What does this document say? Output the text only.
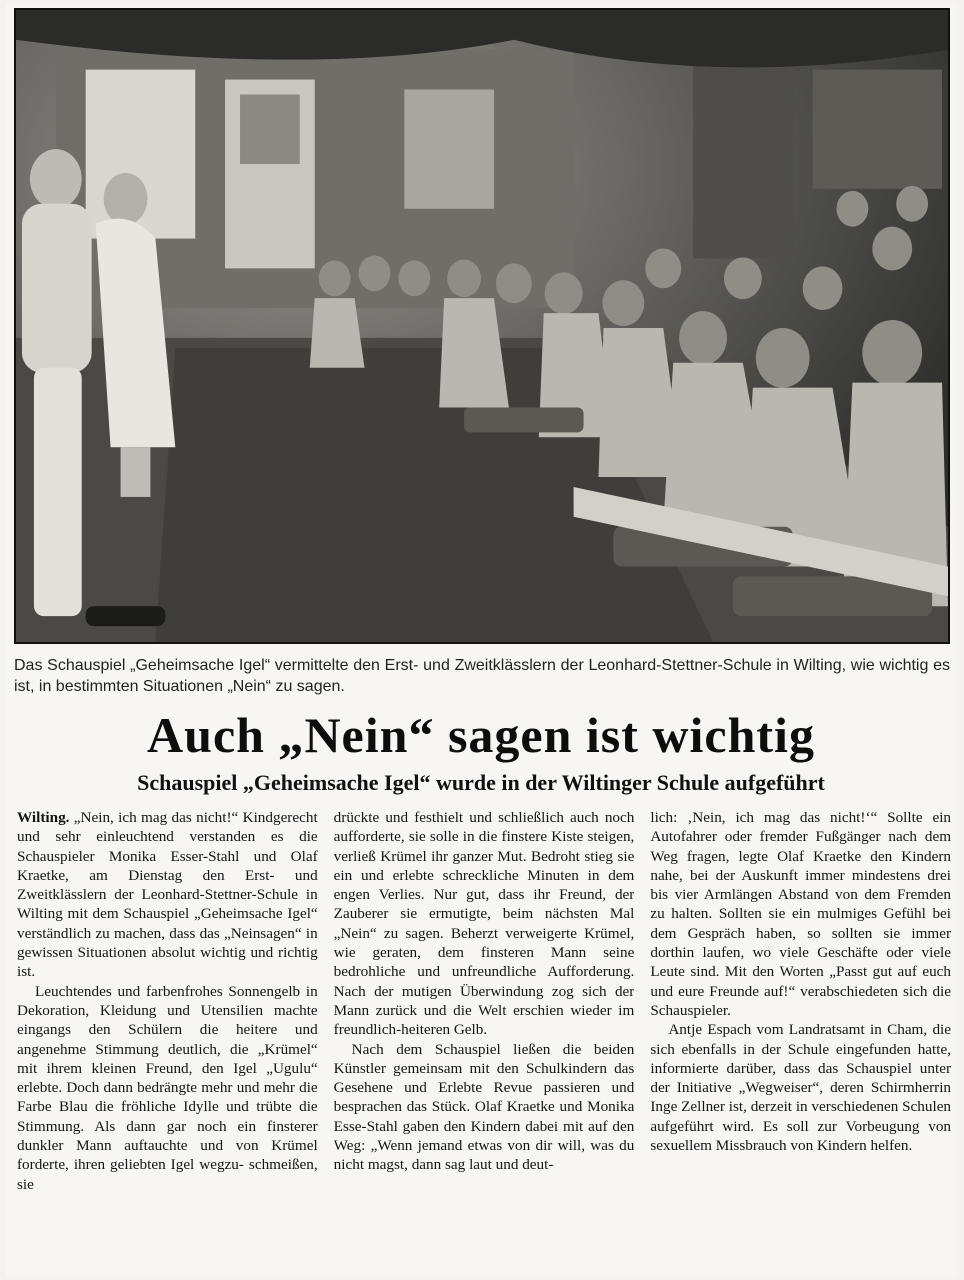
Das Schauspiel „Geheimsache Igel“ vermittelte den Erst- und Zweitklässlern der Leonhard-Stettner-Schule in Wilting, wie wichtig es ist, in bestimmten Situationen „Nein“ zu sagen.
Auch „Nein“ sagen ist wichtig
Schauspiel „Geheimsache Igel“ wurde in der Wiltinger Schule aufgeführt

Wilting. „Nein, ich mag das nicht!“ Kindgerecht und sehr einleuchtend verstanden es die Schauspieler Monika Esser-Stahl und Olaf Kraetke, am Dienstag den Erst- und Zweitklässlern der Leonhard-Stettner-Schule in Wilting mit dem Schauspiel „Geheimsache Igel“ verständlich zu machen, dass das „Neinsagen“ in gewissen Situationen absolut wichtig und richtig ist.

Leuchtendes und farbenfrohes Sonnengelb in Dekoration, Kleidung und Utensilien machte eingangs den Schülern die heitere und angenehme Stimmung deutlich, die „Krümel“ mit ihrem kleinen Freund, den Igel „Ugulu“ erlebte. Doch dann bedrängte mehr und mehr die Farbe Blau die fröhliche Idylle und trübte die Stimmung. Als dann gar noch ein finsterer dunkler Mann auftauchte und von Krümel forderte, ihren geliebten Igel wegzu- schmeißen, sie

drückte und festhielt und schließlich auch noch aufforderte, sie solle in die finstere Kiste steigen, verließ Krümel ihr ganzer Mut. Bedroht stieg sie ein und erlebte schreckliche Minuten in dem engen Verlies. Nur gut, dass ihr Freund, der Zauberer sie ermutigte, beim nächsten Mal „Nein“ zu sagen. Beherzt verweigerte Krümel, wie geraten, dem finsteren Mann seine bedrohliche und unfreundliche Aufforderung. Nach der mutigen Überwindung zog sich der Mann zurück und die Welt erschien wieder im freundlich-heiteren Gelb.

Nach dem Schauspiel ließen die beiden Künstler gemeinsam mit den Schulkindern das Gesehene und Erlebte Revue passieren und besprachen das Stück. Olaf Kraetke und Monika Esse-Stahl gaben den Kindern dabei mit auf den Weg: „Wenn jemand etwas von dir will, was du nicht magst, dann sag laut und deut-

lich: ‚Nein, ich mag das nicht!‘“ Sollte ein Autofahrer oder fremder Fußgänger nach dem Weg fragen, legte Olaf Kraetke den Kindern nahe, bei der Auskunft immer mindestens drei bis vier Armlängen Abstand von dem Fremden zu halten. Sollten sie ein mulmiges Gefühl bei dem Gespräch haben, so sollten sie immer dorthin laufen, wo viele Geschäfte oder viele Leute sind. Mit den Worten „Passt gut auf euch und eure Freunde auf!“ verabschiedeten sich die Schauspieler.

Antje Espach vom Landratsamt in Cham, die sich ebenfalls in der Schule eingefunden hatte, informierte darüber, dass das Schauspiel unter der Initiative „Wegweiser“, deren Schirmherrin Inge Zellner ist, derzeit in verschiedenen Schulen aufgeführt wird. Es soll zur Vorbeugung von sexuellem Missbrauch von Kindern helfen.
